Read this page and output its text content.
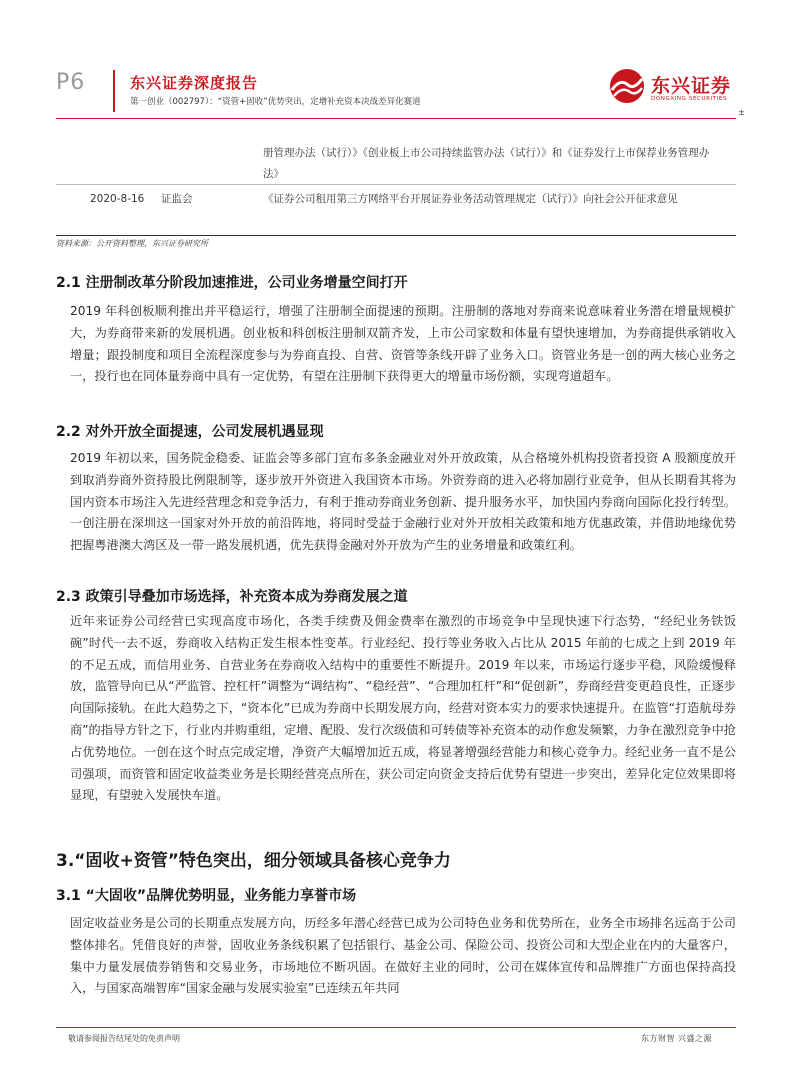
P6	东兴证券深度报告
第一创业（002797）：“资管+固收”优势突出，定增补充资本决战差异化赛道
东兴证券
DONGXING SECURITIES
±
册管理办法（试行）》《创业板上市公司持续监管办法（试行）》和《证券发行上市保荐业务管理办法》
2020-8-16 证监会	《证券公司租用第三方网络平台开展证券业务活动管理规定（试行）》向社会公开征求意见
资料来源：公开资料整理，东兴证券研究所
2.1 注册制改革分阶段加速推进，公司业务增量空间打开
2019 年科创板顺利推出并平稳运行，增强了注册制全面提速的预期。注册制的落地对券商来说意味着业务潜在增量规模扩大，为券商带来新的发展机遇。创业板和科创板注册制双箭齐发，上市公司家数和体量有望快速增加，为券商提供承销收入增量；跟投制度和项目全流程深度参与为券商直投、自营、资管等条线开辟了业务入口。资管业务是一创的两大核心业务之一，投行也在同体量券商中具有一定优势，有望在注册制下获得更大的增量市场份额，实现弯道超车。
2.2 对外开放全面提速，公司发展机遇显现
2019 年初以来，国务院金稳委、证监会等多部门宣布多条金融业对外开放政策，从合格境外机构投资者投资 A 股额度放开到取消券商外资持股比例限制等，逐步放开外资进入我国资本市场。外资券商的进入必将加剧行业竞争，但从长期看其将为国内资本市场注入先进经营理念和竞争活力，有利于推动券商业务创新、提升服务水平，加快国内券商向国际化投行转型。一创注册在深圳这一国家对外开放的前沿阵地，将同时受益于金融行业对外开放相关政策和地方优惠政策，并借助地缘优势把握粤港澳大湾区及一带一路发展机遇，优先获得金融对外开放为产生的业务增量和政策红利。
2.3 政策引导叠加市场选择，补充资本成为券商发展之道
近年来证券公司经营已实现高度市场化，各类手续费及佣金费率在激烈的市场竞争中呈现快速下行态势，“经纪业务铁饭碗”时代一去不返，券商收入结构正发生根本性变革。行业经纪、投行等业务收入占比从 2015 年前的七成之上到 2019 年的不足五成，而信用业务、自营业务在券商收入结构中的重要性不断提升。2019 年以来，市场运行逐步平稳，风险缓慢释放，监管导向已从“严监管、控杠杆”调整为“调结构”、“稳经营”、“合理加杠杆”和“促创新”，券商经营变更趋良性，正逐步向国际接轨。在此大趋势之下，“资本化”已成为券商中长期发展方向，经营对资本实力的要求快速提升。在监管“打造航母券商”的指导方针之下，行业内并购重组，定增、配股、发行次级债和可转债等补充资本的动作愈发频繁，力争在激烈竞争中抢占优势地位。一创在这个时点完成定增，净资产大幅增加近五成，将显著增强经营能力和核心竞争力。经纪业务一直不是公司强项，而资管和固定收益类业务是长期经营亮点所在，获公司定向资金支持后优势有望进一步突出，差异化定位效果即将显现，有望驶入发展快车道。
3.“固收+资管”特色突出，细分领域具备核心竞争力
3.1 “大固收”品牌优势明显，业务能力享誉市场
固定收益业务是公司的长期重点发展方向，历经多年潜心经营已成为公司特色业务和优势所在，业务全市场排名远高于公司整体排名。凭借良好的声誉，固收业务条线积累了包括银行、基金公司、保险公司、投资公司和大型企业在内的大量客户，集中力量发展债券销售和交易业务，市场地位不断巩固。在做好主业的同时，公司在媒体宣传和品牌推广方面也保持高投入，与国家高端智库“国家金融与发展实验室”已连续五年共同
敬请参阅报告结尾处的免责声明	东方财智 兴盛之源
